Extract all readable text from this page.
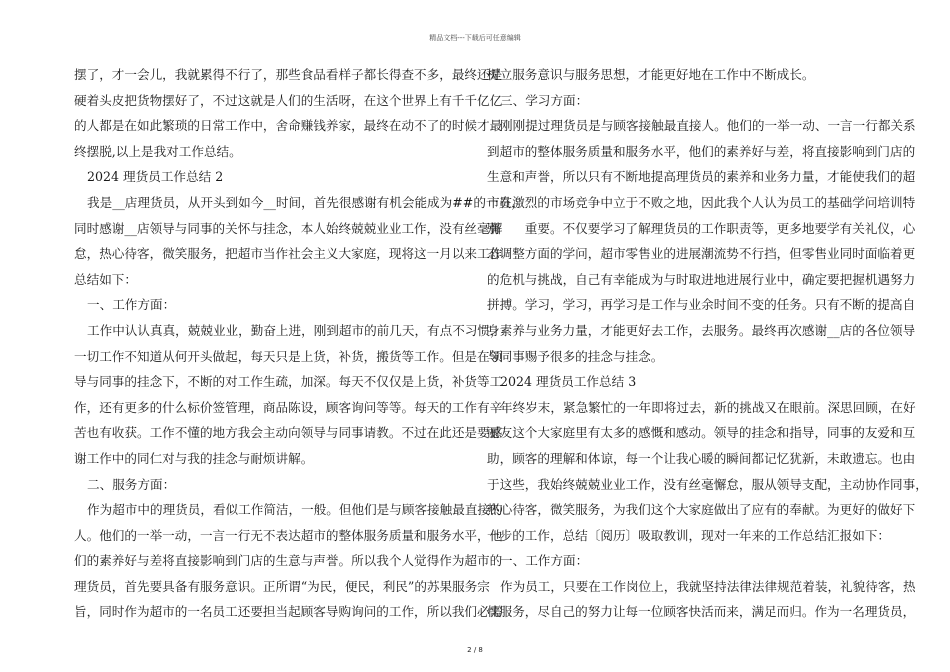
精品文档---下载后可任意编辑
摆了，才一会儿，我就累得不行了，那些食品看样子都长得查不多，最终还是
硬着头皮把货物摆好了，不过这就是人们的生活呀，在这个世界上有千千亿亿
的人都是在如此繁琐的日常工作中，舍命赚钱养家，最终在动不了的时候才最
终摆脱,以上是我对工作总结。
2024 理货员工作总结 2
我是__店理货员，从开头到如今__时间，首先很感谢有机会能成为##的一员，
同时感谢__店领导与同事的关怀与挂念，本人始终兢兢业业工作，没有丝毫懈
怠，热心待客，微笑服务，把超市当作社会主义大家庭，现将这一月以来工作
总结如下：
一、工作方面：
工作中认认真真，兢兢业业，勤奋上进，刚到超市的前几天，有点不习惯，
一切工作不知道从何开头做起，每天只是上货，补货，搬货等工作。但是在领
导与同事的挂念下，不断的对工作生疏，加深。每天不仅仅是上货，补货等工
作，还有更多的什么标价签管理，商品陈设，顾客询问等等。每天的工作有辛
苦也有收获。工作不懂的地方我会主动向领导与同事请教。不过在此还是要感
谢工作中的同仁对与我的挂念与耐烦讲解。
二、服务方面：
作为超市中的理货员，看似工作简洁，一般。但他们是与顾客接触最直接的
人。他们的一举一动，一言一行无不表达超市的整体服务质量和服务水平，他
们的素养好与差将直接影响到门店的生意与声誉。所以我个人觉得作为超市的
理货员，首先要具备有服务意识。正所谓“为民，便民，利民”的苏果服务宗
旨，同时作为超市的一名员工还要担当起顾客导购询问的工作，所以我们必需
树立服务意识与服务思想，才能更好地在工作中不断成长。
三、学习方面：
刚刚提过理货员是与顾客接触最直接人。他们的一举一动、一言一行都关系
到超市的整体服务质量和服务水平，他们的素养好与差，将直接影响到门店的
生意和声誉，所以只有不断地提高理货员的素养和业务力量，才能使我们的超
市在激烈的市场竞争中立于不败之地，因此我个人认为员工的基础学问培训特
别　　重要。不仅要学习了解理货员的工作职责等，更多地要学有关礼仪，心
态调整方面的学问，超市零售业的进展潮流势不行挡，但零售业同时面临着更
的危机与挑战，自己有幸能成为与时取进地进展行业中，确定要把握机遇努力
拼搏。学习，学习，再学习是工作与业余时间不变的任务。只有不断的提高自
身素养与业务力量，才能更好去工作，去服务。最终再次感谢__店的各位领导
与同事赐予很多的挂念与挂念。
2024 理货员工作总结 3
年终岁末，紧急繁忙的一年即将过去，新的挑战又在眼前。深思回顾，在好
丽友这个大家庭里有太多的感慨和感动。领导的挂念和指导，同事的友爱和互
助，顾客的理解和体谅，每一个让我心暖的瞬间都记忆犹新，未敢遗忘。也由
于这些，我始终兢兢业业工作，没有丝毫懈怠，服从领导支配，主动协作同事，
热心待客，微笑服务，为我们这个大家庭做出了应有的奉献。为更好的做好下
一步的工作，总结〔阅历〕吸取教训，现对一年来的工作总结汇报如下：
一、工作方面：
作为员工，只要在工作岗位上，我就坚持法律法律规范着装，礼貌待客，热
忱服务，尽自己的努力让每一位顾客快活而来，满足而归。作为一名理货员，
2 / 8
